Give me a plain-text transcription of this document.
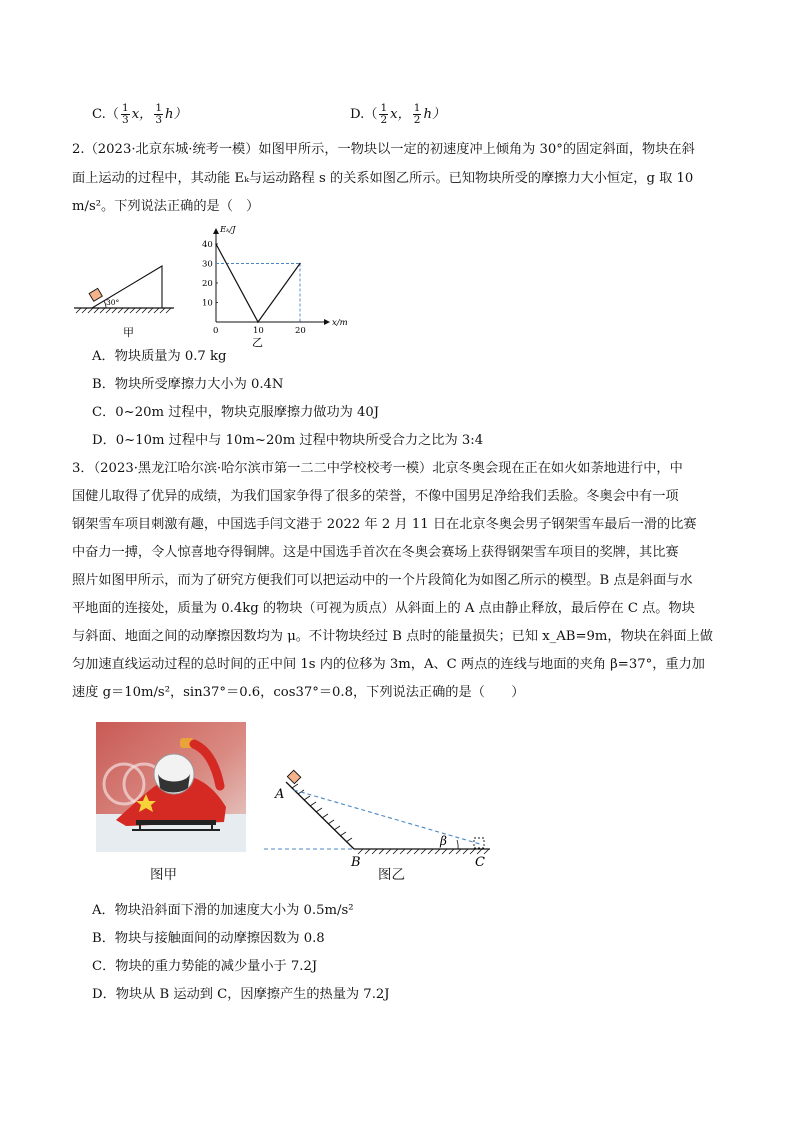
$C.( \frac{1}{3}$ x， $\frac{1}{3} h$）	$D.( \frac{1}{2}$ x， $\frac{1}{2} h$）
2.（2023·北京东城·统考一模）如图甲所示，一物块以一定的初速度冲上倾角为 30°的固定斜面，物块在斜
面上运动的过程中，其动能 Eₖ与运动路程 s 的关系如图乙所示。已知物块所受的摩擦力大小恒定，g 取 10
m/s²。下列说法正确的是（　）
30°
甲
Eₖ/J
x/m
10
20
30
40
0	10	20
乙
A．物块质量为 0.7 kg
B．物块所受摩擦力大小为 0.4N
C．0~20m 过程中，物块克服摩擦力做功为 40J
D．0~10m 过程中与 10m~20m 过程中物块所受合力之比为 3:4
3．（2023·黑龙江哈尔滨·哈尔滨市第一二二中学校校考一模）北京冬奥会现在正在如火如荼地进行中，中
国健儿取得了优异的成绩，为我们国家争得了很多的荣誉，不像中国男足净给我们丢脸。冬奥会中有一项
钢架雪车项目刺激有趣，中国选手闫文港于 2022 年 2 月 11 日在北京冬奥会男子钢架雪车最后一滑的比赛
中奋力一搏，令人惊喜地夺得铜牌。这是中国选手首次在冬奥会赛场上获得钢架雪车项目的奖牌，其比赛
照片如图甲所示，而为了研究方便我们可以把运动中的一个片段简化为如图乙所示的模型。B 点是斜面与水
平地面的连接处，质量为 0.4kg 的物块（可视为质点）从斜面上的 A 点由静止释放，最后停在 C 点。物块
与斜面、地面之间的动摩擦因数均为 μ。不计物块经过 B 点时的能量损失；已知 x_AB=9m，物块在斜面上做
匀加速直线运动过程的总时间的正中间 1s 内的位移为 3m，A、C 两点的连线与地面的夹角 β=37°，重力加
速度 g＝10m/s²，sin37°＝0.6，cos37°＝0.8，下列说法正确的是（　　）
图甲
β
A
B	C
图乙
A．物块沿斜面下滑的加速度大小为 0.5m/s²
B．物块与接触面间的动摩擦因数为 0.8
C．物块的重力势能的减少量小于 7.2J
D．物块从 B 运动到 C，因摩擦产生的热量为 7.2J
